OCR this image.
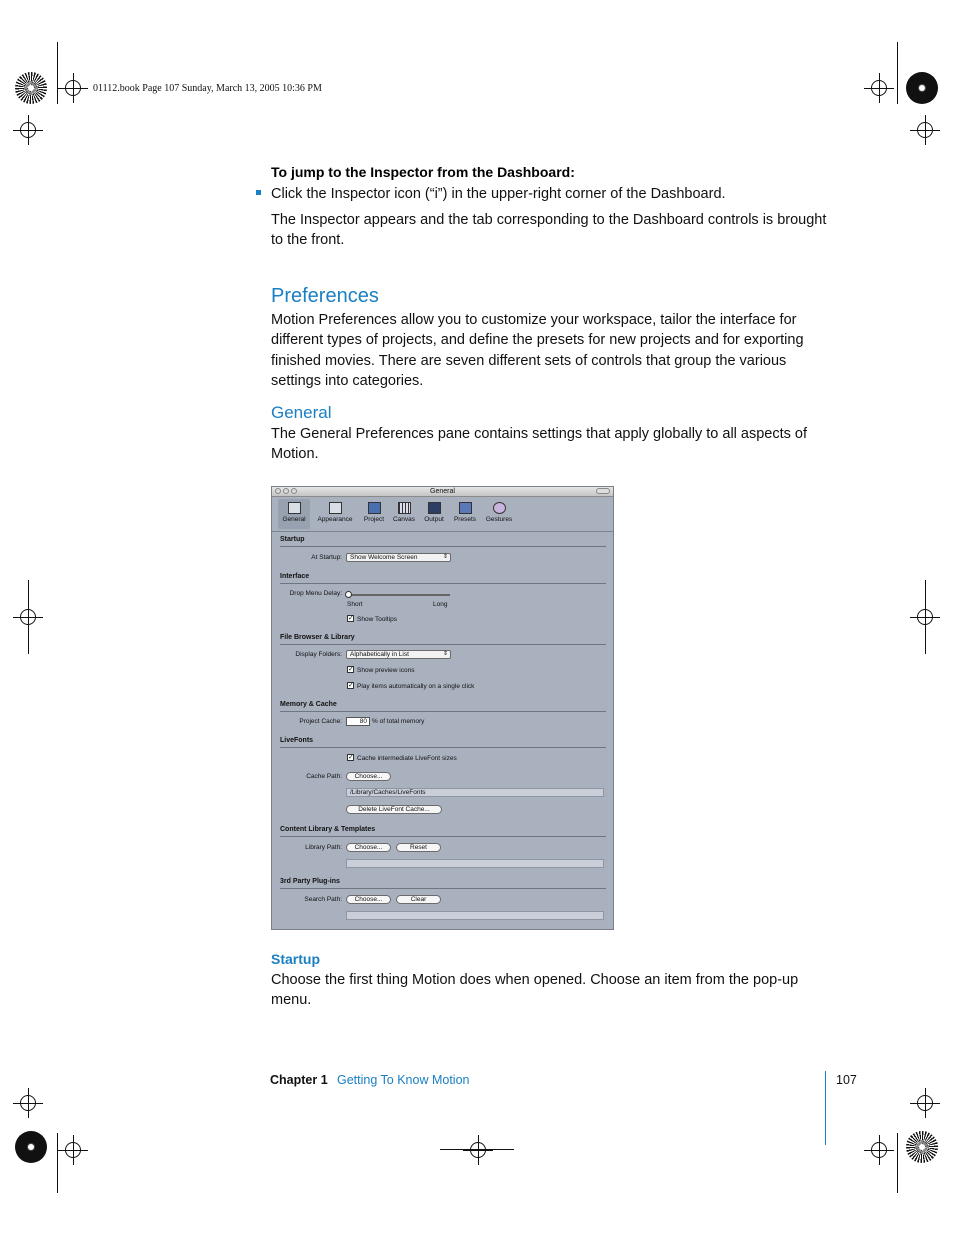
01112.book Page 107 Sunday, March 13, 2005 10:36 PM
To jump to the Inspector from the Dashboard:
Click the Inspector icon (“i”) in the upper-right corner of the Dashboard.
The Inspector appears and the tab corresponding to the Dashboard controls is brought
to the front.
Preferences
Motion Preferences allow you to customize your workspace, tailor the interface for
different types of projects, and define the presets for new projects and for exporting
finished movies. There are seven different sets of controls that group the various
settings into categories.
General
The General Preferences pane contains settings that apply globally to all aspects of
Motion.
General
General	Appearance	Project	Canvas	Output	Presets	Gestures
Startup
At Startup:	Show Welcome Screen	⇕
Interface
Drop Menu Delay:
Short	Long
✓ Show Tooltips
File Browser & Library
Display Folders:	Alphabetically in List	⇕
✓ Show preview icons
✓ Play items automatically on a single click
Memory & Cache
Project Cache:	80 % of total memory
LiveFonts
✓ Cache intermediate LiveFont sizes
Cache Path:	Choose...
/Library/Caches/LiveFonts
Delete LiveFont Cache...
Content Library & Templates
Library Path:	Choose...	Reset
3rd Party Plug-ins
Search Path:	Choose...	Clear
Startup
Choose the first thing Motion does when opened. Choose an item from the pop-up
menu.
Chapter 1 Getting To Know Motion	107
